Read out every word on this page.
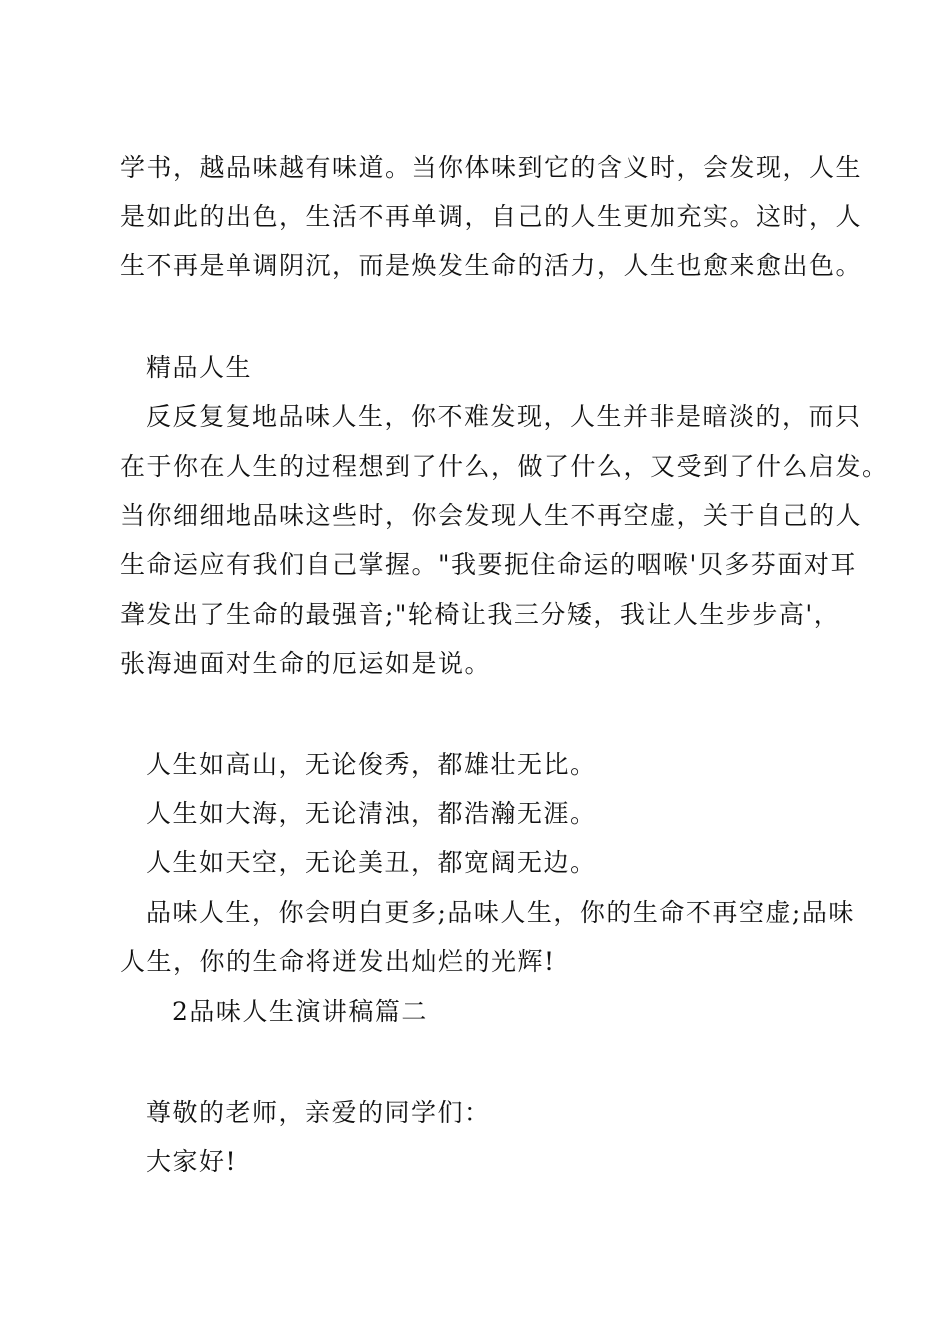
学书，越品味越有味道。当你体味到它的含义时，会发现，人生
是如此的出色，生活不再单调，自己的人生更加充实。这时，人
生不再是单调阴沉，而是焕发生命的活力，人生也愈来愈出色。
精品人生
反反复复地品味人生，你不难发现，人生并非是暗淡的，而只
在于你在人生的过程想到了什么，做了什么，又受到了什么启发。
当你细细地品味这些时，你会发现人生不再空虚，关于自己的人
生命运应有我们自己掌握。"我要扼住命运的咽喉'贝多芬面对耳
聋发出了生命的最强音;"轮椅让我三分矮，我让人生步步高'，
张海迪面对生命的厄运如是说。
人生如高山，无论俊秀，都雄壮无比。
人生如大海，无论清浊，都浩瀚无涯。
人生如天空，无论美丑，都宽阔无边。
品味人生，你会明白更多;品味人生，你的生命不再空虚;品味
人生，你的生命将迸发出灿烂的光辉!
2品味人生演讲稿篇二
尊敬的老师，亲爱的同学们：
大家好!
